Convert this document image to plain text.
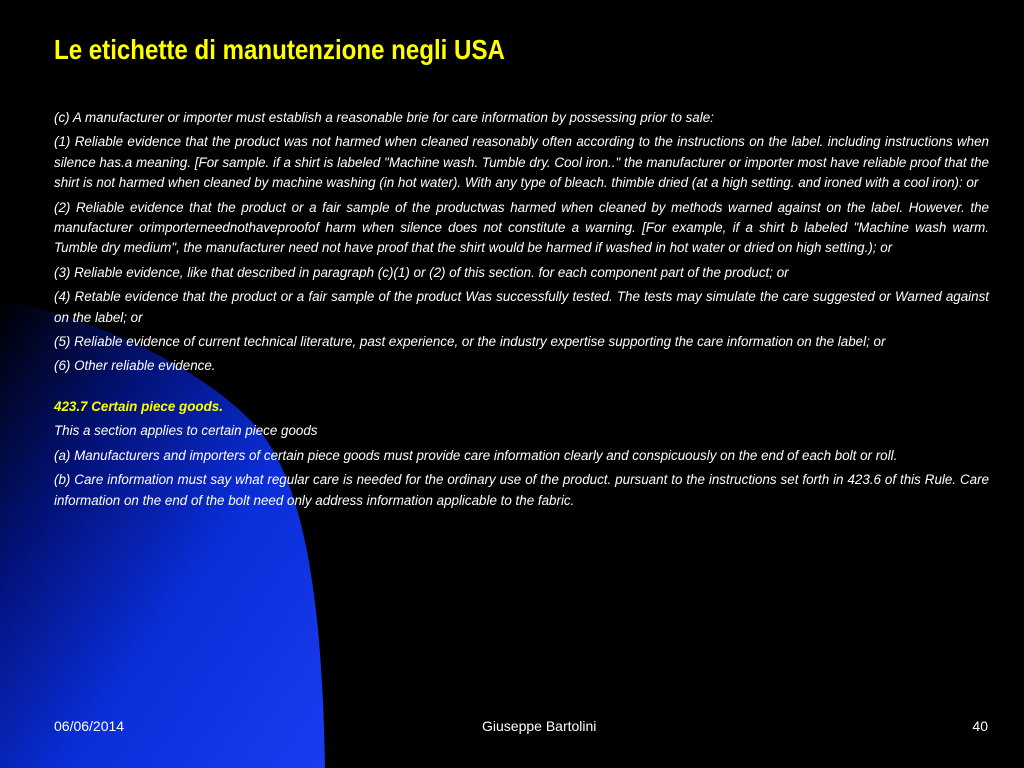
Le etichette di manutenzione negli USA

(c) A manufacturer or importer must establish a reasonable brie for care information by possessing prior to sale:

(1) Reliable evidence that the product was not harmed when cleaned reasonably often according to the instructions on the label. including instructions when silence has.a meaning. [For sample. if a shirt is labeled "Machine wash. Tumble dry. Cool iron.." the manufacturer or importer most have reliable proof that the shirt is not harmed when cleaned by machine washing (in hot water). With any type of bleach. thimble dried (at a high setting. and ironed with a cool iron): or

(2) Reliable evidence that the product or a fair sample of the productwas harmed when cleaned by methods warned against on the label. However. the manufacturer orimporterneednothaveproofof harm when silence does not constitute a warning. [For example, if a shirt b labeled "Machine wash warm. Tumble dry medium", the manufacturer need not have proof that the shirt would be harmed if washed in hot water or dried on high setting.); or

(3) Reliable evidence, like that described in paragraph (c)(1) or (2) of this section. for each component part of the product; or

(4) Retable evidence that the product or a fair sample of the product Was successfully tested. The tests may simulate the care suggested or Warned against on the label; or

(5) Reliable evidence of current technical literature, past experience, or the industry expertise supporting the care information on the label; or

(6) Other reliable evidence.

423.7 Certain piece goods.

This a section applies to certain piece goods

(a) Manufacturers and importers of certain piece goods must provide care information clearly and conspicuously on the end of each bolt or roll.

(b) Care information must say what regular care is needed for the ordinary use of the product. pursuant to the instructions set forth in 423.6 of this Rule. Care information on the end of the bolt need only address information applicable to the fabric.

06/06/2014	Giuseppe Bartolini	40
